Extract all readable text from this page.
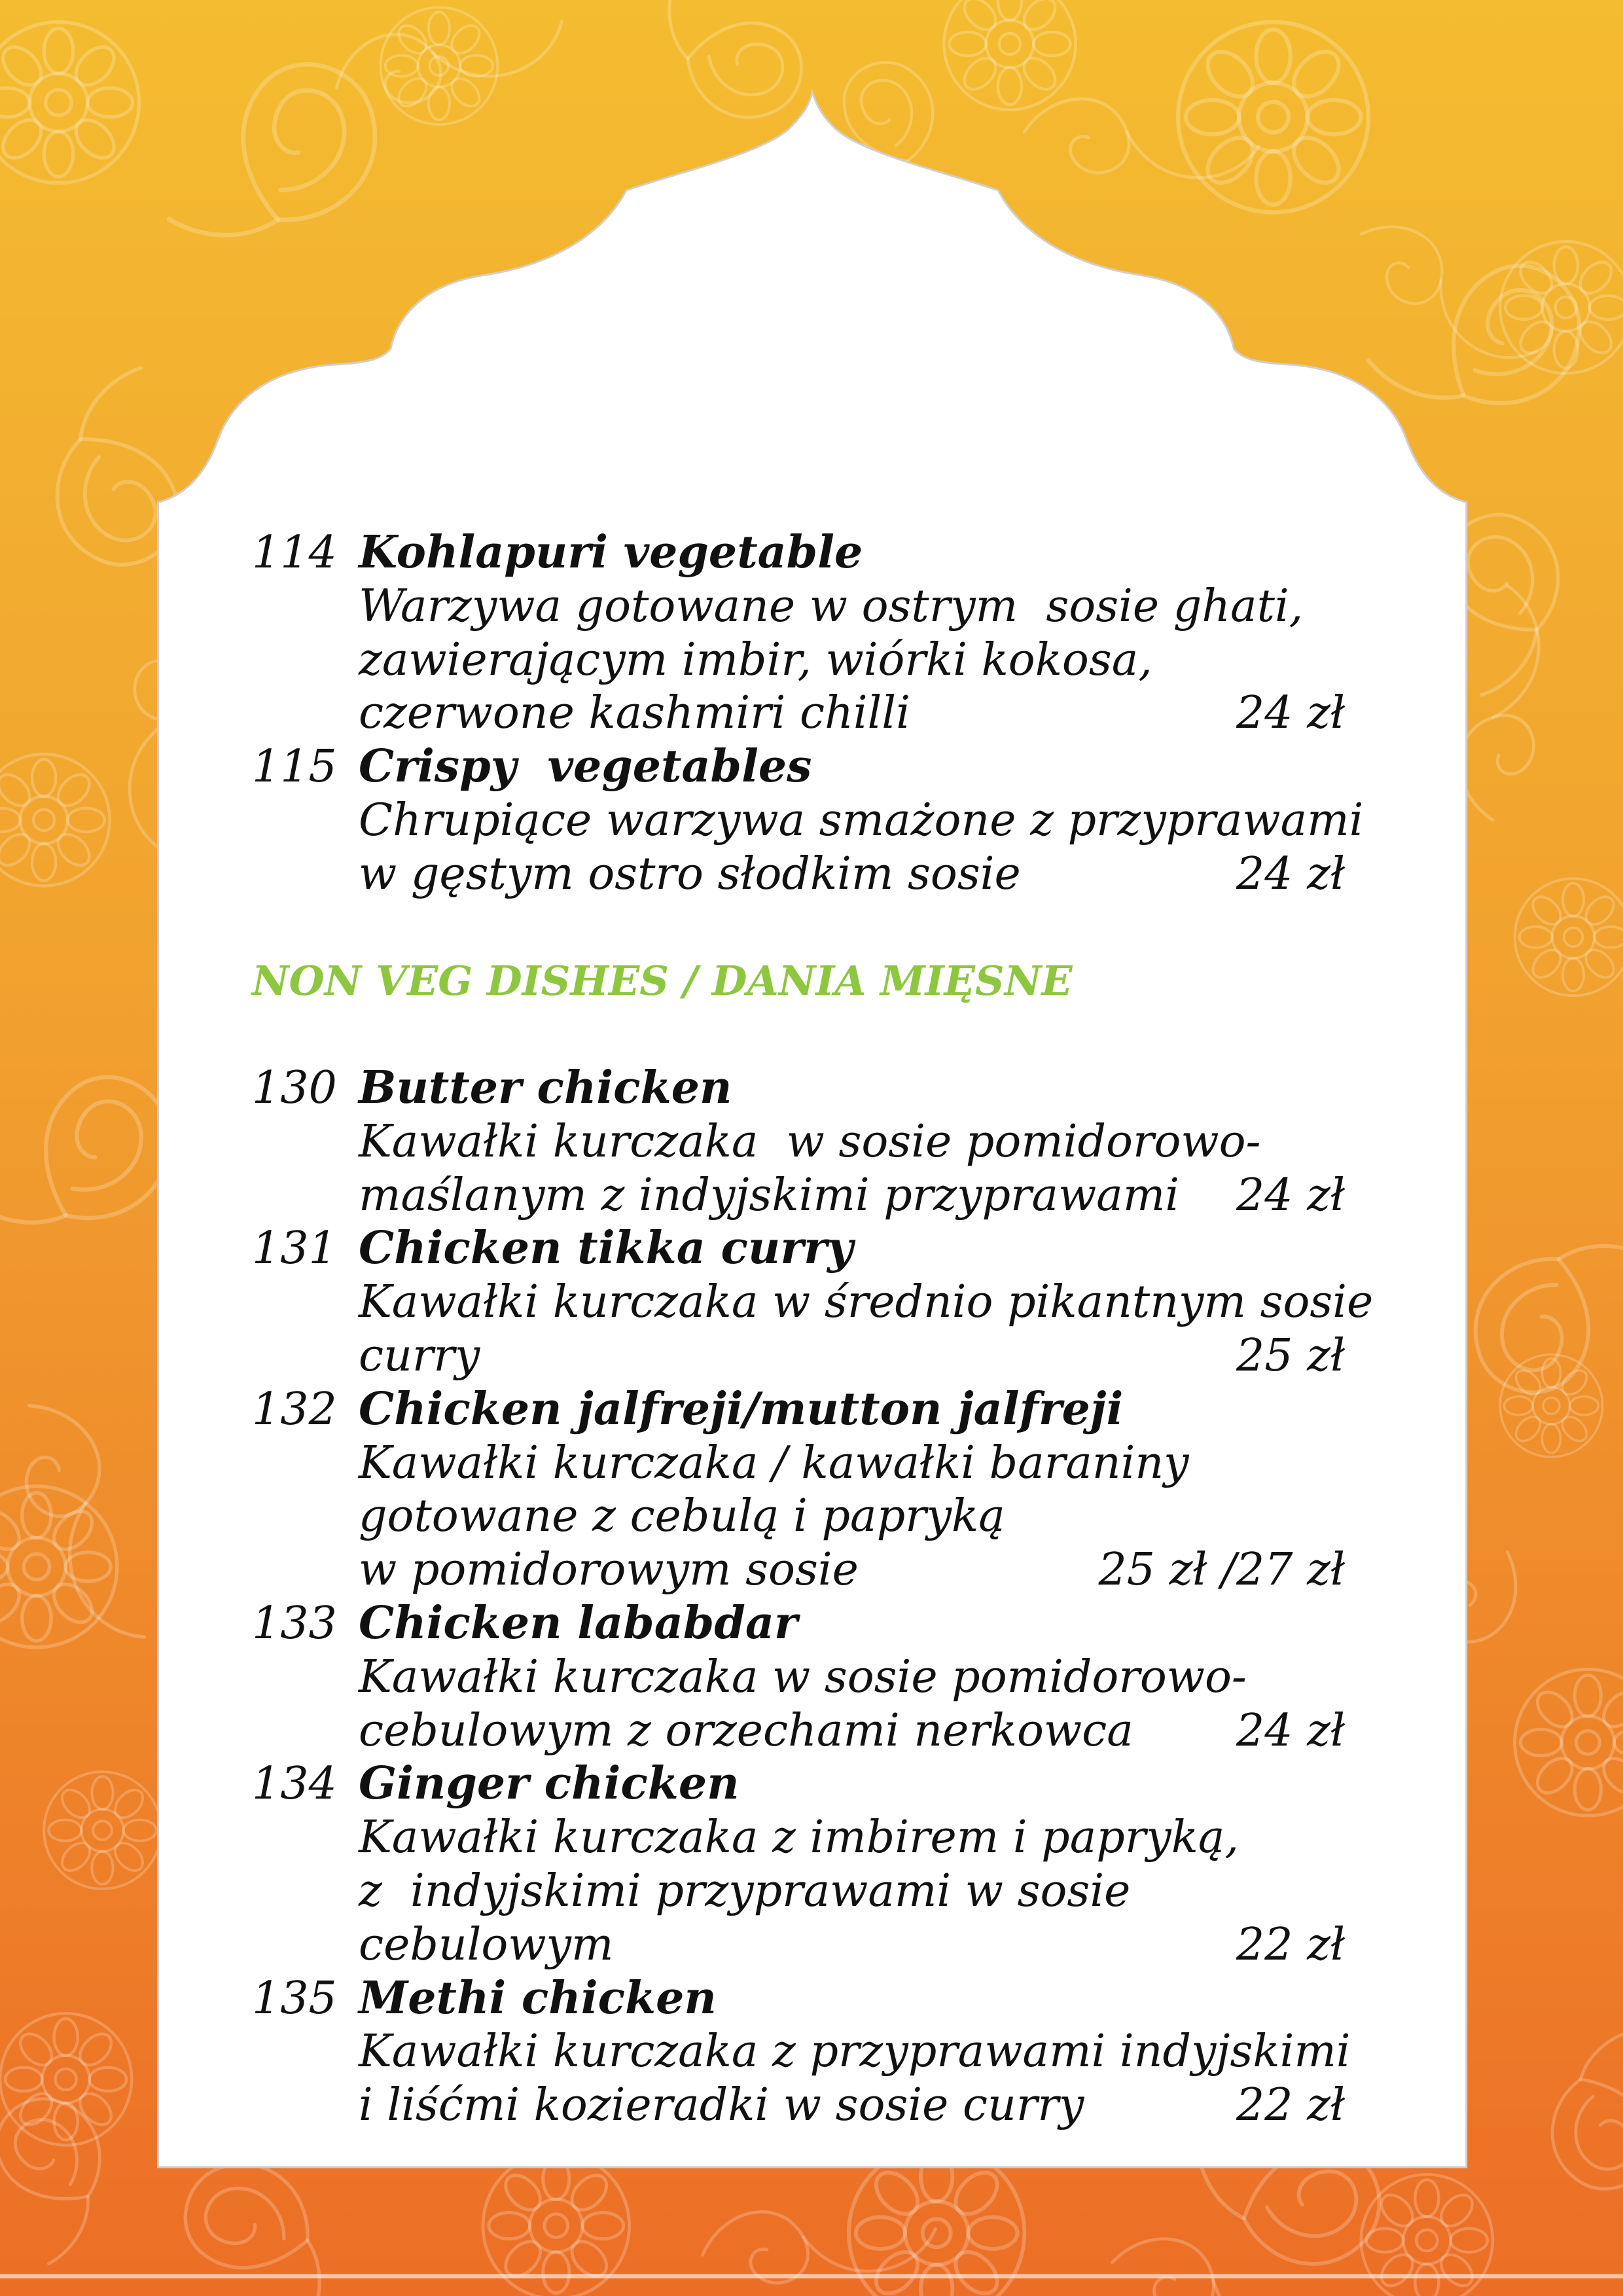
114 Kohlapuri vegetable
Warzywa gotowane w ostrym  sosie ghati,
zawierającym imbir, wiórki kokosa,
czerwone kashmiri chilli	24 zł
115 Crispy  vegetables
Chrupiące warzywa smażone z przyprawami
w gęstym ostro słodkim sosie	24 zł
NON VEG DISHES / DANIA MIĘSNE
130 Butter chicken
Kawałki kurczaka  w sosie pomidorowo-
maślanym z indyjskimi przyprawami 24 zł
131 Chicken tikka curry
Kawałki kurczaka w średnio pikantnym sosie
curry	25 zł
132 Chicken jalfreji/mutton jalfreji
Kawałki kurczaka / kawałki baraniny
gotowane z cebulą i papryką
w pomidorowym sosie	25 zł /27 zł
133 Chicken lababdar
Kawałki kurczaka w sosie pomidorowo-
cebulowym z orzechami nerkowca 24 zł
134 Ginger chicken
Kawałki kurczaka z imbirem i papryką,
z  indyjskimi przyprawami w sosie
cebulowym	22 zł
135 Methi chicken
Kawałki kurczaka z przyprawami indyjskimi
i liśćmi kozieradki w sosie curry	22 zł
